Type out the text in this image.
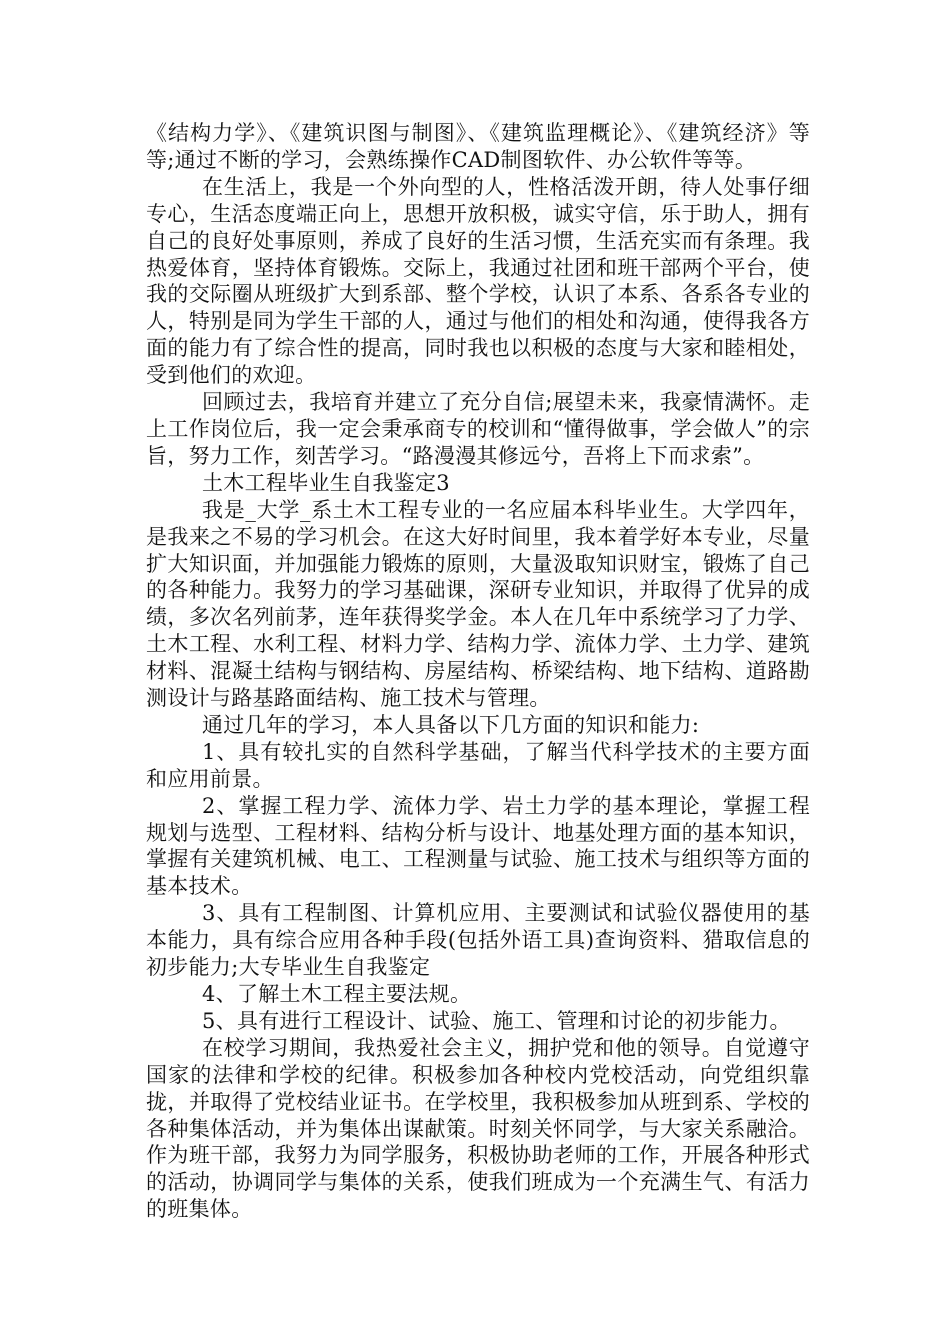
《结构力学》、《建筑识图与制图》、《建筑监理概论》、《建筑经济》等等;通过不断的学习，会熟练操作CAD制图软件、办公软件等等。

在生活上，我是一个外向型的人，性格活泼开朗，待人处事仔细专心，生活态度端正向上，思想开放积极，诚实守信，乐于助人，拥有自己的良好处事原则，养成了良好的生活习惯，生活充实而有条理。我热爱体育，坚持体育锻炼。交际上，我通过社团和班干部两个平台，使我的交际圈从班级扩大到系部、整个学校，认识了本系、各系各专业的人，特别是同为学生干部的人，通过与他们的相处和沟通，使得我各方面的能力有了综合性的提高，同时我也以积极的态度与大家和睦相处，受到他们的欢迎。

回顾过去，我培育并建立了充分自信;展望未来，我豪情满怀。走上工作岗位后，我一定会秉承商专的校训和“懂得做事，学会做人”的宗旨，努力工作，刻苦学习。“路漫漫其修远兮，吾将上下而求索”。

土木工程毕业生自我鉴定3

我是_大学_系土木工程专业的一名应届本科毕业生。大学四年，是我来之不易的学习机会。在这大好时间里，我本着学好本专业，尽量扩大知识面，并加强能力锻炼的原则，大量汲取知识财宝，锻炼了自己的各种能力。我努力的学习基础课，深研专业知识，并取得了优异的成绩，多次名列前茅，连年获得奖学金。本人在几年中系统学习了力学、土木工程、水利工程、材料力学、结构力学、流体力学、土力学、建筑材料、混凝土结构与钢结构、房屋结构、桥梁结构、地下结构、道路勘测设计与路基路面结构、施工技术与管理。

通过几年的学习，本人具备以下几方面的知识和能力:

1、具有较扎实的自然科学基础，了解当代科学技术的主要方面和应用前景。

2、掌握工程力学、流体力学、岩土力学的基本理论，掌握工程规划与选型、工程材料、结构分析与设计、地基处理方面的基本知识，掌握有关建筑机械、电工、工程测量与试验、施工技术与组织等方面的基本技术。

3、具有工程制图、计算机应用、主要测试和试验仪器使用的基本能力，具有综合应用各种手段(包括外语工具)查询资料、猎取信息的初步能力;大专毕业生自我鉴定

4、了解土木工程主要法规。

5、具有进行工程设计、试验、施工、管理和讨论的初步能力。

在校学习期间，我热爱社会主义，拥护党和他的领导。自觉遵守国家的法律和学校的纪律。积极参加各种校内党校活动，向党组织靠拢，并取得了党校结业证书。在学校里，我积极参加从班到系、学校的各种集体活动，并为集体出谋献策。时刻关怀同学，与大家关系融洽。作为班干部，我努力为同学服务，积极协助老师的工作，开展各种形式的活动，协调同学与集体的关系，使我们班成为一个充满生气、有活力的班集体。
